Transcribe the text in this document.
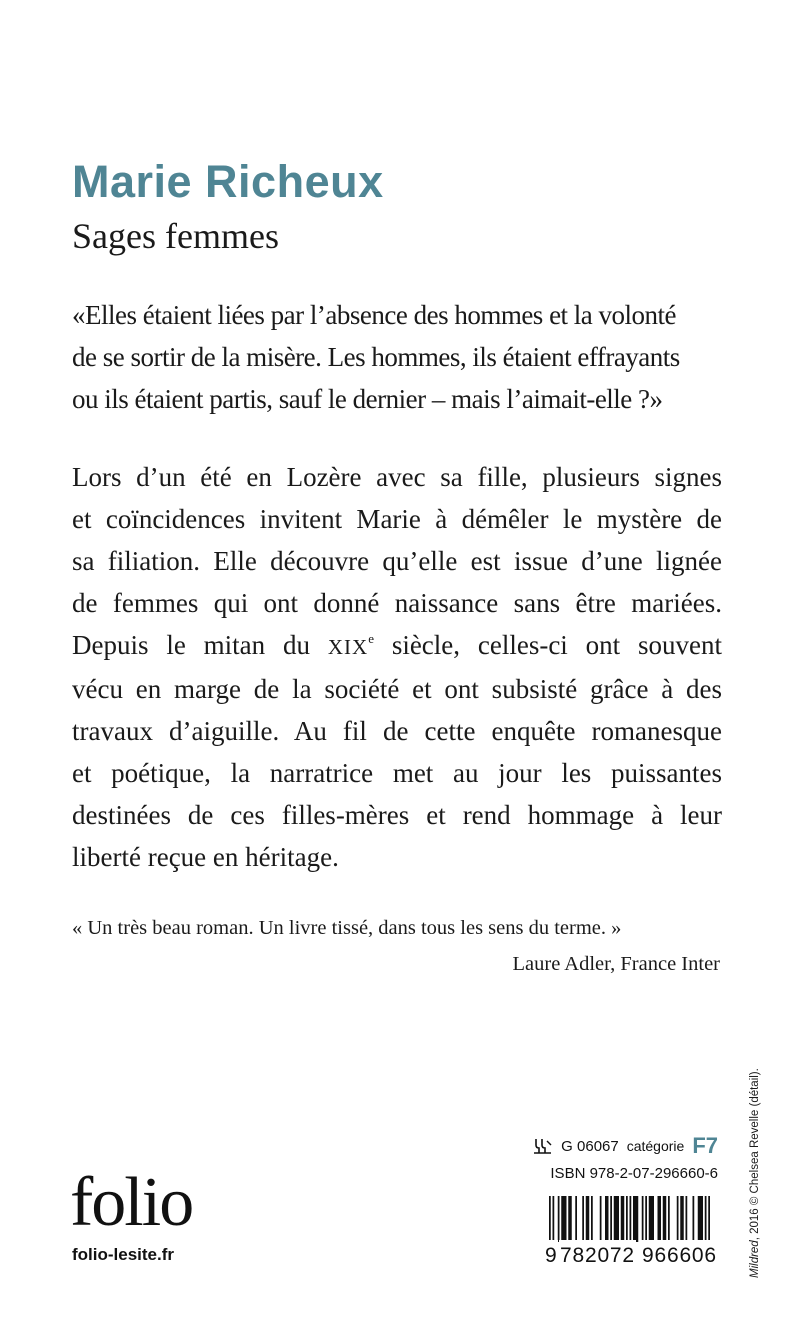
Marie Richeux
Sages femmes
«Elles étaient liées par l’absence des hommes et la volonté
de se sortir de la misère. Les hommes, ils étaient effrayants
ou ils étaient partis, sauf le dernier – mais l’aimait-elle ?»
Lors d’un été en Lozère avec sa fille, plusieurs signes
et coïncidences invitent Marie à démêler le mystère de
sa filiation. Elle découvre qu’elle est issue d’une lignée
de femmes qui ont donné naissance sans être mariées.
Depuis le mitan du XIXe siècle, celles-ci ont souvent
vécu en marge de la société et ont subsisté grâce à des
travaux d’aiguille. Au fil de cette enquête romanesque
et poétique, la narratrice met au jour les puissantes
destinées de ces filles-mères et rend hommage à leur
liberté reçue en héritage.
« Un très beau roman. Un livre tissé, dans tous les sens du terme. »
Laure Adler, France Inter
Mildred, 2016 © Chelsea Revelle (détail).
folio
folio-lesite.fr
G 06067 catégorie F7
ISBN 978-2-07-296660-6
9 782072 966606
